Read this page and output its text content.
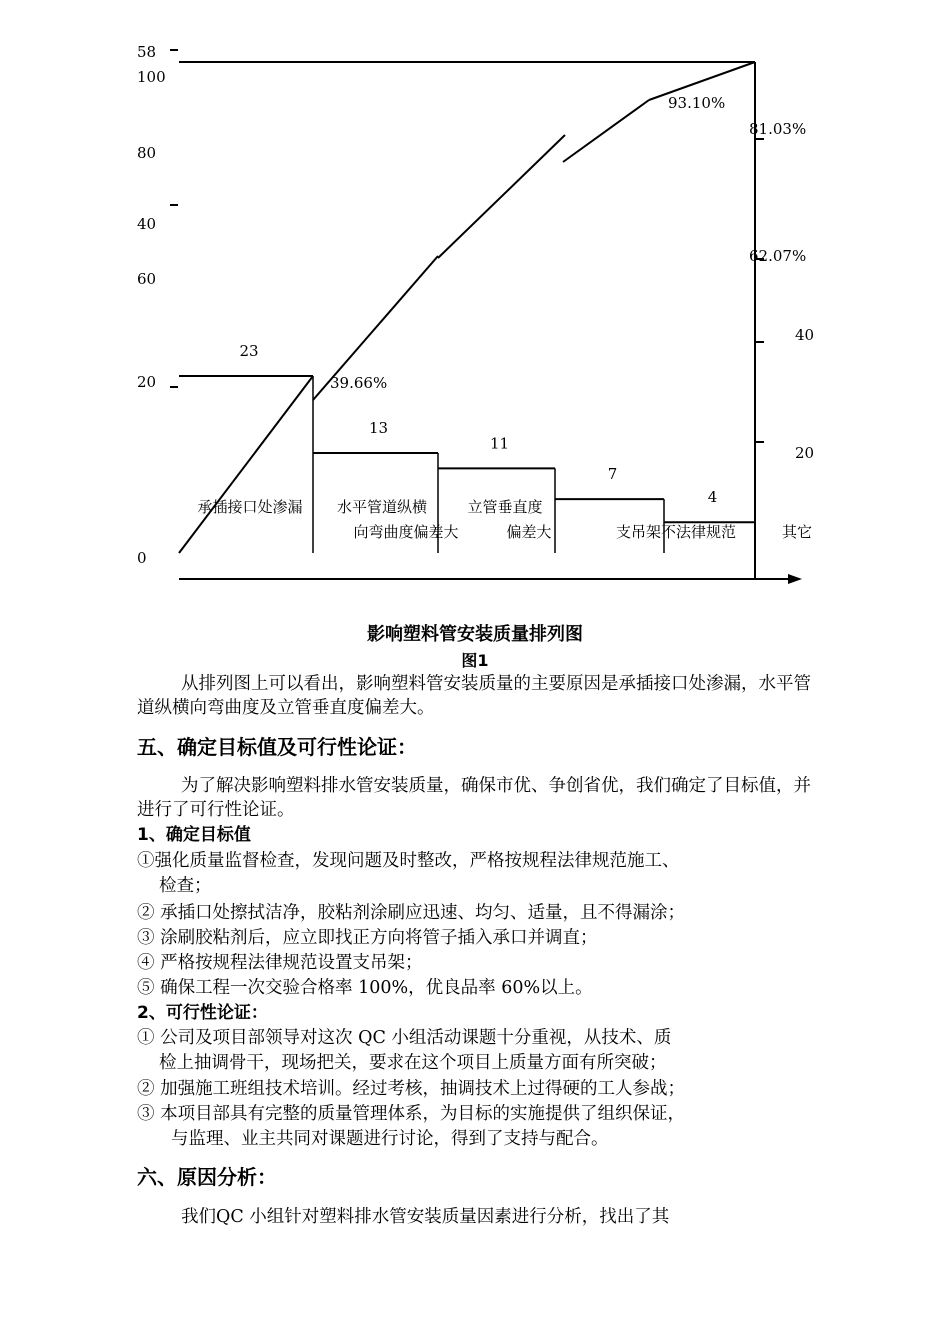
58
100
80
40
60
20
0
40
20
23
13
11
7
4
承插接口处渗漏 水平管道纵横
向弯曲度偏差大
立管垂直度
偏差大	支吊架不法律规范	其它
39.66%
62.07%
81.03%
93.10%
影响塑料管安装质量排列图
图1
从排列图上可以看出，影响塑料管安装质量的主要原因是承插接口处渗漏，水平管道纵横向弯曲度及立管垂直度偏差大。
五、确定目标值及可行性论证：
为了解决影响塑料排水管安装质量，确保市优、争创省优，我们确定了目标值，并进行了可行性论证。
1、确定目标值
①强化质量监督检查，发现问题及时整改，严格按规程法律规范施工、
检查；
② 承插口处擦拭洁净，胶粘剂涂刷应迅速、均匀、适量，且不得漏涂；
③ 涂刷胶粘剂后，应立即找正方向将管子插入承口并调直；
④ 严格按规程法律规范设置支吊架；
⑤ 确保工程一次交验合格率 100%，优良品率 60%以上。
2、可行性论证：
① 公司及项目部领导对这次 QC 小组活动课题十分重视，从技术、质
检上抽调骨干，现场把关，要求在这个项目上质量方面有所突破；
② 加强施工班组技术培训。经过考核，抽调技术上过得硬的工人参战；
③ 本项目部具有完整的质量管理体系，为目标的实施提供了组织保证，
与监理、业主共同对课题进行讨论，得到了支持与配合。
六、原因分析：
我们QC 小组针对塑料排水管安装质量因素进行分析，找出了其
